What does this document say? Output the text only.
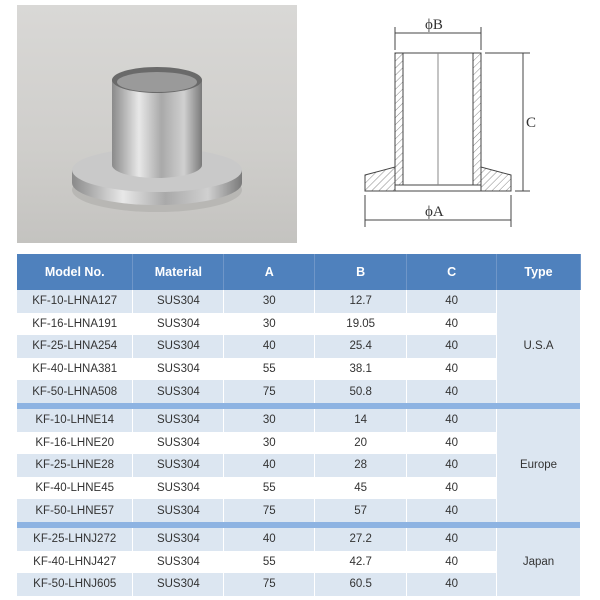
ϕB
C
ϕA
Model No.	Material	A	B	C	Type
KF-10-LHNA127	SUS304	30	12.7	40	U.S.A
KF-16-LHNA191	SUS304	30	19.05	40	
KF-25-LHNA254	SUS304	40	25.4	40	
KF-40-LHNA381	SUS304	55	38.1	40	
KF-50-LHNA508	SUS304	75	50.8	40	

KF-10-LHNE14	SUS304	30	14	40	Europe
KF-16-LHNE20	SUS304	30	20	40	
KF-25-LHNE28	SUS304	40	28	40	
KF-40-LHNE45	SUS304	55	45	40	
KF-50-LHNE57	SUS304	75	57	40	

KF-25-LHNJ272	SUS304	40	27.2	40	Japan
KF-40-LHNJ427	SUS304	55	42.7	40	
KF-50-LHNJ605	SUS304	75	60.5	40	
